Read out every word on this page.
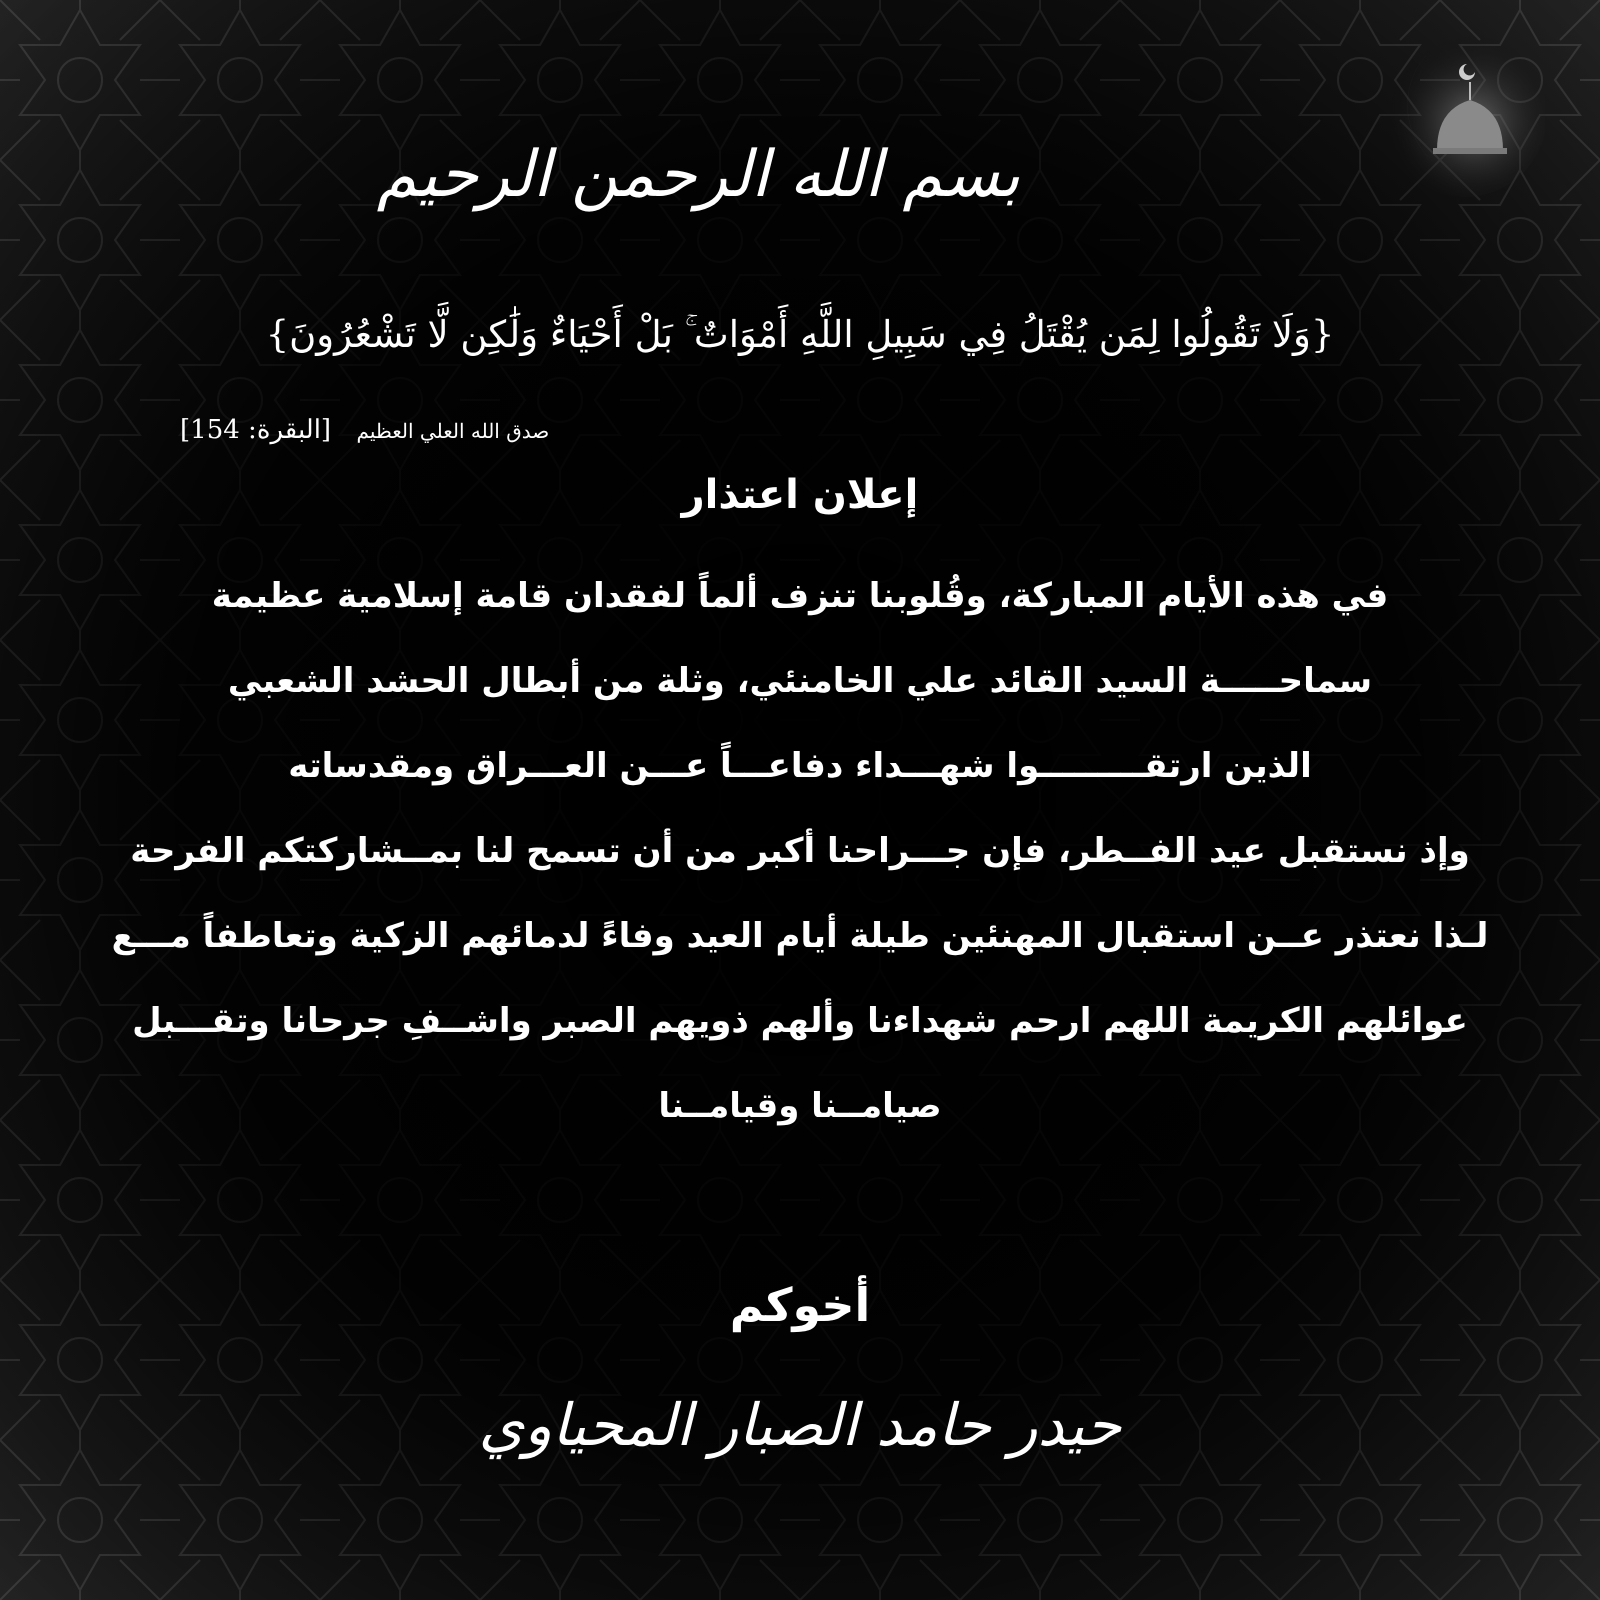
بسم الله الرحمن الرحيم
{وَلَا تَقُولُوا لِمَن يُقْتَلُ فِي سَبِيلِ اللَّهِ أَمْوَاتٌ ۚ بَلْ أَحْيَاءٌ وَلَٰكِن لَّا تَشْعُرُونَ}
صدق الله العلي العظيم    [البقرة: 154]
إعلان اعتذار
في هذه الأيام المباركة، وقُلوبنا تنزف ألماً لفقدان قامة إسلامية عظيمة
سماحـــــة السيد القائد علي الخامنئي، وثلة من أبطال الحشد الشعبي
الذين ارتقـــــــــوا شهـــداء دفاعـــاً عـــن العـــراق ومقدساته
وإذ نستقبل عيد الفــطر، فإن جـــراحنا أكبر من أن تسمح لنا بمــشاركتكم الفرحة
لـذا نعتذر عــن استقبال المهنئين طيلة أيام العيد وفاءً لدمائهم الزكية وتعاطفاً مـــع
عوائلهم الكريمة اللهم ارحم شهداءنا وألهم ذويهم الصبر واشــفِ جرحانا وتقـــبل
صيامــنا وقيامــنا
أخوكم
حيدر حامد الصبار المحياوي
